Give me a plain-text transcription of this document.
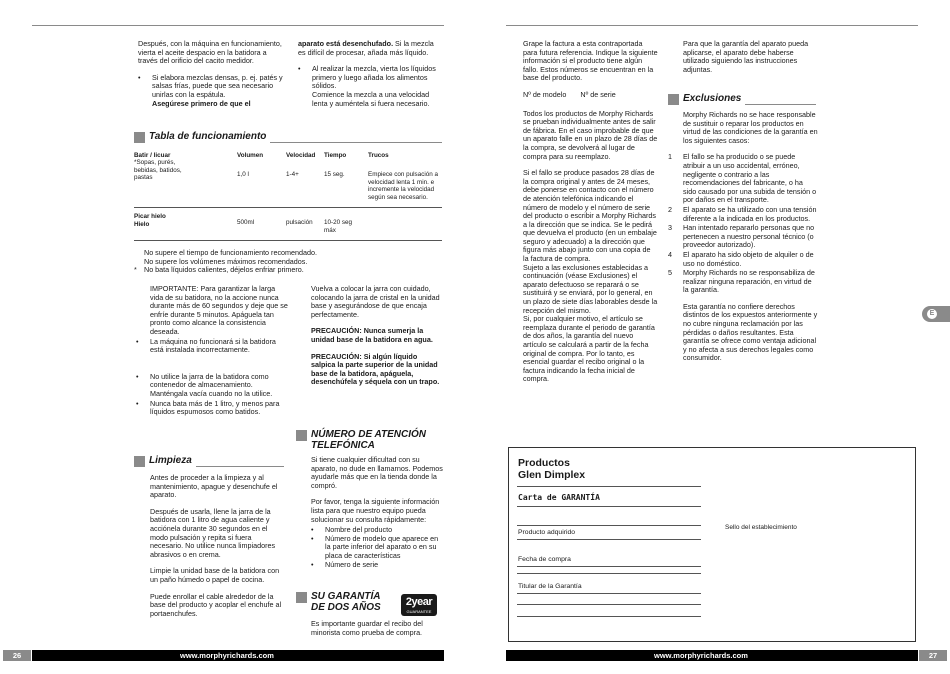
Después, con la máquina en funcionamiento, vierta el aceite despacio en la batidora a través del orificio del cacito medidor.

• Si elabora mezclas densas, p. ej. patés y salsas frías, puede que sea necesario unirlas con la espátula.
Asegúrese primero de que el

aparato está desenchufado. Si la mezcla es difícil de procesar, añada más líquido.

• Al realizar la mezcla, vierta los líquidos primero y luego añada los alimentos sólidos.
Comience la mezcla a una velocidad lenta y auméntela si fuera necesario.
Tabla de funcionamiento
Batir / licuar	Volumen	Velocidad	Tiempo	Trucos
*Sopas, purés, bebidas, batidos, pastas	1,0 l	1-4+	15 seg.	Empiece con pulsación a velocidad lenta 1 min. e incremente la velocidad según sea necesario.

Picar hielo
Hielo	500ml	pulsación	10-20 seg máx	

No supere el tiempo de funcionamiento recomendado.
No supere los volúmenes máximos recomendados.
* No bata líquidos calientes, déjelos enfriar primero.

IMPORTANTE: Para garantizar la larga vida de su batidora, no la accione nunca durante más de 60 segundos y deje que se enfríe durante 5 minutos. Apáguela tan pronto como alcance la consistencia deseada.

• La máquina no funcionará si la batidora está instalada incorrectamente.
• No utilice la jarra de la batidora como contenedor de almacenamiento. Manténgala vacía cuando no la utilice.
• Nunca bata más de 1 litro, y menos para líquidos espumosos como batidos.

Vuelva a colocar la jarra con cuidado, colocando la jarra de cristal en la unidad base y asegurándose de que encaja perfectamente.

PRECAUCIÓN: Nunca sumerja la unidad base de la batidora en agua.

PRECAUCIÓN: Si algún líquido salpica la parte superior de la unidad base de la batidora, apáguela, desenchúfela y séquela con un trapo.

Limpieza

Antes de proceder a la limpieza y al mantenimiento, apague y desenchufe el aparato.

Después de usarla, llene la jarra de la batidora con 1 litro de agua caliente y acciónela durante 30 segundos en el modo pulsación y repita si fuera necesario. No utilice nunca limpiadores abrasivos o en crema.

Limpie la unidad base de la batidora con un paño húmedo o papel de cocina.

Puede enrollar el cable alrededor de la base del producto y acoplar el enchufe al portaenchufes.

NÚMERO DE ATENCIÓN
TELEFÓNICA

Si tiene cualquier dificultad con su aparato, no dude en llamarnos. Podemos ayudarle más que en la tienda donde la compró.

Por favor, tenga la siguiente información lista para que nuestro equipo pueda solucionar su consulta rápidamente:

• Nombre del producto
• Número de modelo que aparece en la parte inferior del aparato o en su placa de características
• Número de serie
SU GARANTÍA
DE DOS AÑOS	2year
GUARANTEE

Es importante guardar el recibo del minorista como prueba de compra.

26	www.morphyrichards.com

Grape la factura a esta contraportada para futura referencia. Indique la siguiente información si el producto tiene algún fallo. Estos números se encuentran en la base del producto.

Nº de modelo Nº de serie

Todos los productos de Morphy Richards se prueban individualmente antes de salir de fábrica. En el caso improbable de que un aparato falle en un plazo de 28 días de la compra, se devolverá al lugar de compra para su reemplazo.

Si el fallo se produce pasados 28 días de la compra original y antes de 24 meses, debe ponerse en contacto con el número de atención telefónica indicando el número de modelo y el número de serie del producto o escribir a Morphy Richards a la dirección que se indica. Se le pedirá que devuelva el producto (en un embalaje seguro y adecuado) a la dirección que figura más abajo junto con una copia de la factura de compra.

Sujeto a las exclusiones establecidas a continuación (véase Exclusiones) el aparato defectuoso se reparará o se sustituirá y se enviará, por lo general, en un plazo de siete días laborables desde la recepción del mismo.

Si, por cualquier motivo, el artículo se reemplaza durante el periodo de garantía de dos años, la garantía del nuevo artículo se calculará a partir de la fecha original de compra. Por lo tanto, es esencial guardar el recibo original o la factura indicando la fecha inicial de compra.

Para que la garantía del aparato pueda aplicarse, el aparato debe haberse utilizado siguiendo las instrucciones adjuntas.

Exclusiones

Morphy Richards no se hace responsable de sustituir o reparar los productos en virtud de las condiciones de la garantía en los siguientes casos:

1 El fallo se ha producido o se puede atribuir a un uso accidental, erróneo, negligente o contrario a las recomendaciones del fabricante, o ha sido causado por una subida de tensión o por daños en el transporte.
2 El aparato se ha utilizado con una tensión diferente a la indicada en los productos.
3 Han intentado repararlo personas que no pertenecen a nuestro personal técnico (o proveedor autorizado).
4 El aparato ha sido objeto de alquiler o de uso no doméstico.
5 Morphy Richards no se responsabiliza de realizar ninguna reparación, en virtud de la garantía.

Esta garantía no confiere derechos distintos de los expuestos anteriormente y no cubre ninguna reclamación por las pérdidas o daños resultantes. Esta garantía se ofrece como ventaja adicional y no afecta a sus derechos legales como consumidor.

Productos
Glen Dimplex
Carta de GARANTÍA
Producto adquirido
Fecha de compra
Titular de la Garantía
Sello del establecimiento
E
www.morphyrichards.com	27
